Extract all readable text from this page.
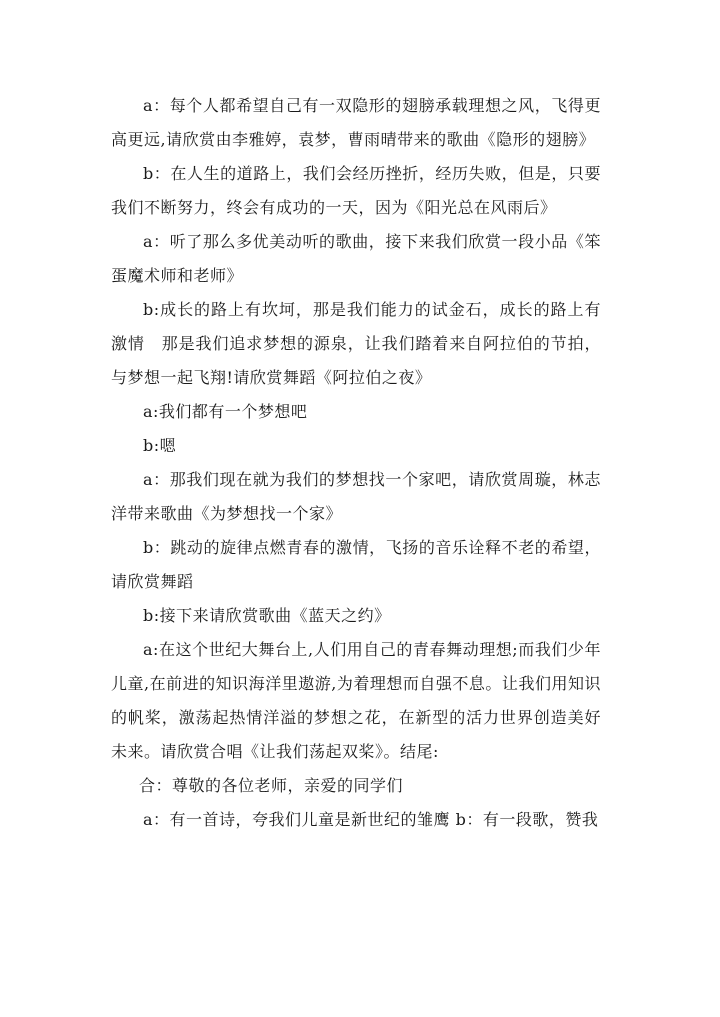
a：每个人都希望自己有一双隐形的翅膀承载理想之风，飞得更高更远,请欣赏由李雅婷，袁梦，曹雨晴带来的歌曲《隐形的翅膀》

b：在人生的道路上，我们会经历挫折，经历失败，但是，只要我们不断努力，终会有成功的一天，因为《阳光总在风雨后》

a：听了那么多优美动听的歌曲，接下来我们欣赏一段小品《笨蛋魔术师和老师》

b:成长的路上有坎坷，那是我们能力的试金石，成长的路上有激情　那是我们追求梦想的源泉，让我们踏着来自阿拉伯的节拍，与梦想一起飞翔!请欣赏舞蹈《阿拉伯之夜》

a:我们都有一个梦想吧

b:嗯

a：那我们现在就为我们的梦想找一个家吧，请欣赏周璇，林志洋带来歌曲《为梦想找一个家》

b：跳动的旋律点燃青春的激情，飞扬的音乐诠释不老的希望，请欣赏舞蹈

b:接下来请欣赏歌曲《蓝天之约》

a:在这个世纪大舞台上,人们用自己的青春舞动理想;而我们少年儿童,在前进的知识海洋里遨游,为着理想而自强不息。让我们用知识的帆桨，激荡起热情洋溢的梦想之花，在新型的活力世界创造美好未来。请欣赏合唱《让我们荡起双桨》。结尾:

合：尊敬的各位老师，亲爱的同学们

a：有一首诗，夸我们儿童是新世纪的雏鹰 b：有一段歌，赞我
